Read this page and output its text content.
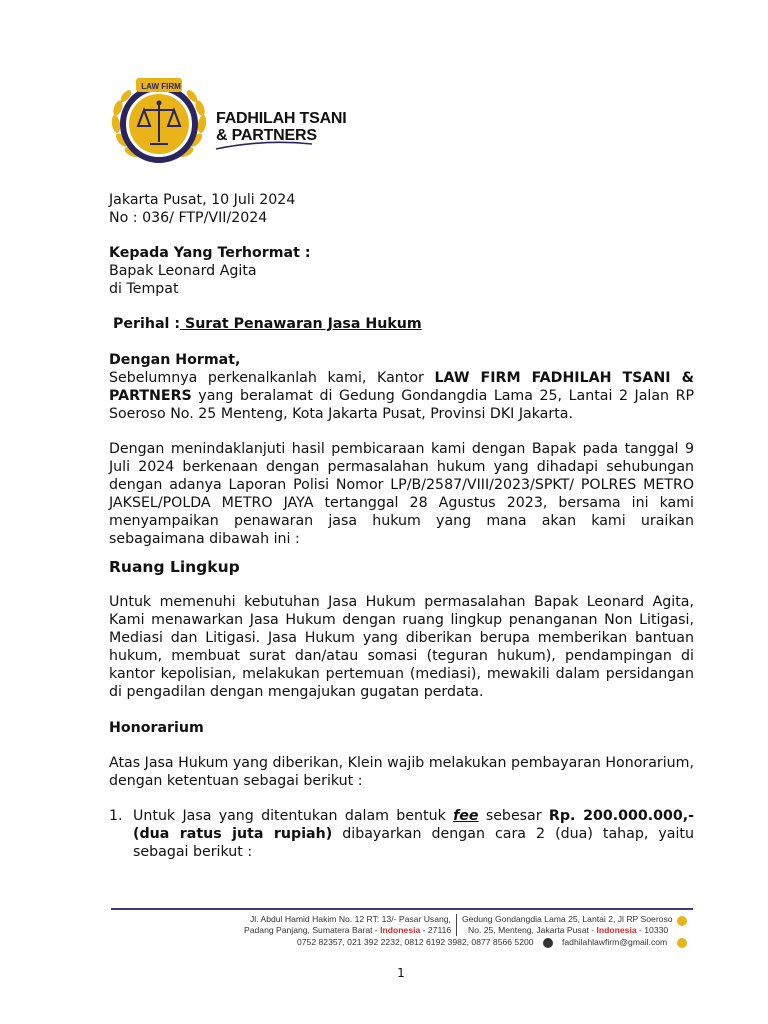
LAW FIRM
FADHILAH TSANI
& PARTNERS
Jakarta Pusat, 10 Juli 2024
No : 036/ FTP/VII/2024
Kepada Yang Terhormat :
Bapak Leonard Agita
di Tempat
Perihal : Surat Penawaran Jasa Hukum
Dengan Hormat,
Sebelumnya perkenalkanlah kami, Kantor LAW FIRM FADHILAH TSANI & PARTNERS yang beralamat di Gedung Gondangdia Lama 25, Lantai 2 Jalan RP Soeroso No. 25 Menteng, Kota Jakarta Pusat, Provinsi DKI Jakarta.
Dengan menindaklanjuti hasil pembicaraan kami dengan Bapak pada tanggal 9 Juli 2024 berkenaan dengan permasalahan hukum yang dihadapi sehubungan dengan adanya Laporan Polisi Nomor LP/B/2587/VIII/2023/SPKT/ POLRES METRO JAKSEL/POLDA METRO JAYA tertanggal 28 Agustus 2023, bersama ini kami menyampaikan penawaran jasa hukum yang mana akan kami uraikan sebagaimana dibawah ini :
Ruang Lingkup
Untuk memenuhi kebutuhan Jasa Hukum permasalahan Bapak Leonard Agita, Kami menawarkan Jasa Hukum dengan ruang lingkup penanganan Non Litigasi, Mediasi dan Litigasi. Jasa Hukum yang diberikan berupa memberikan bantuan hukum, membuat surat dan/atau somasi (teguran hukum), pendampingan di kantor kepolisian, melakukan pertemuan (mediasi), mewakili dalam persidangan di pengadilan dengan mengajukan gugatan perdata.
Honorarium
Atas Jasa Hukum yang diberikan, Klein wajib melakukan pembayaran Honorarium, dengan ketentuan sebagai berikut :
1. Untuk Jasa yang ditentukan dalam bentuk fee sebesar Rp. 200.000.000,- (dua ratus juta rupiah) dibayarkan dengan cara 2 (dua) tahap, yaitu sebagai berikut :
Jl. Abdul Hamid Hakim No. 12 RT: 13/- Pasar Usang,
Padang Panjang, Sumatera Barat - Indonesia - 27116
Gedung Gondangdia Lama 25, Lantai 2, Jl RP Soeroso
No. 25, Menteng, Jakarta Pusat - Indonesia - 10330
0752 82357, 021 392 2232, 0812 6192 3982, 0877 8566 5200	fadhilahlawfirm@gmail.com
1
